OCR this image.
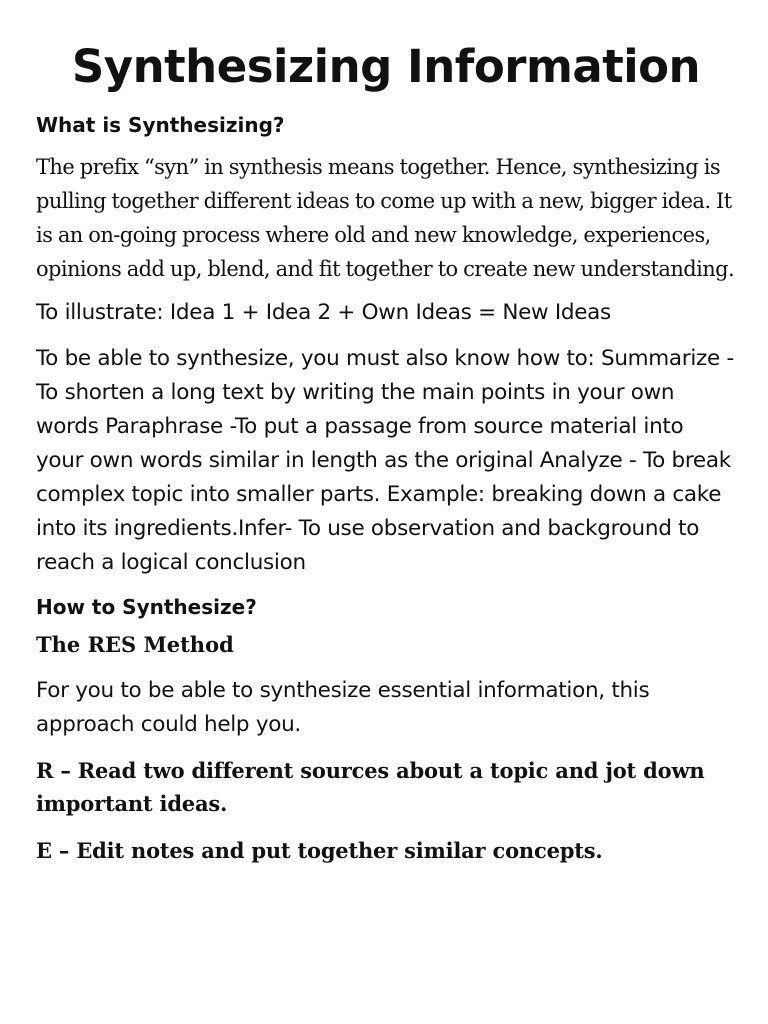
Synthesizing Information
What is Synthesizing?

The prefix “syn” in synthesis means together. Hence, synthesizing is pulling together different ideas to come up with a new, bigger idea. It is an on-going process where old and new knowledge, experiences, opinions add up, blend, and fit together to create new understanding.

To illustrate: Idea 1 + Idea 2 + Own Ideas = New Ideas

To be able to synthesize, you must also know how to: Summarize -To shorten a long text by writing the main points in your own words Paraphrase -To put a passage from source material into your own words similar in length as the original Analyze - To break complex topic into smaller parts. Example: breaking down a cake into its ingredients.Infer- To use observation and background to reach a logical conclusion

How to Synthesize?
The RES Method

For you to be able to synthesize essential information, this approach could help you.

R – Read two different sources about a topic and jot down important ideas.

E – Edit notes and put together similar concepts.
